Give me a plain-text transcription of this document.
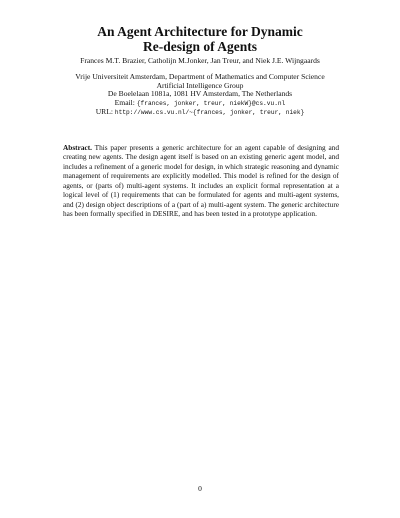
An Agent Architecture for Dynamic
Re-design of Agents
Frances M.T. Brazier, Catholijn M.Jonker, Jan Treur, and Niek J.E. Wijngaards
Vrije Universiteit Amsterdam, Department of Mathematics and Computer Science
Artificial Intelligence Group
De Boelelaan 1081a, 1081 HV Amsterdam, The Netherlands
Email: {frances, jonker, treur, niekW}@cs.vu.nl
URL: http://www.cs.vu.nl/~{frances, jonker, treur, niek}
Abstract. This paper presents a generic architecture for an agent capable of designing and creating new agents. The design agent itself is based on an existing generic agent model, and includes a refinement of a generic model for design, in which strategic reasoning and dynamic management of requirements are explicitly modelled. This model is refined for the design of agents, or (parts of) multi-agent systems. It includes an explicit formal representation at a logical level of (1) requirements that can be formulated for agents and multi-agent systems, and (2) design object descriptions of a (part of a) multi-agent system. The generic architecture has been formally specified in DESIRE, and has been tested in a prototype application.
0
